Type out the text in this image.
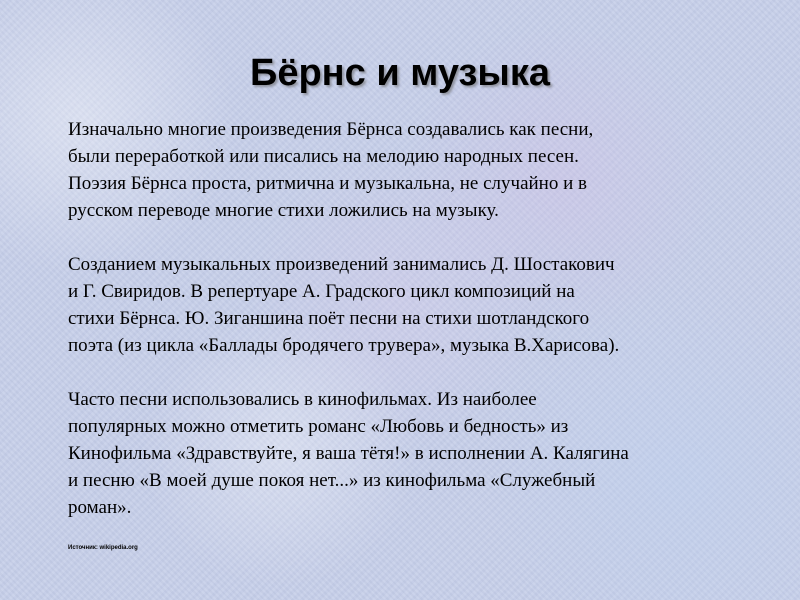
Бёрнс и музыка

Изначально многие произведения Бёрнса создавались как песни,
были переработкой или писались на мелодию народных песен.
Поэзия Бёрнса проста, ритмична и музыкальна, не случайно и в
русском переводе многие стихи ложились на музыку.

Созданием музыкальных произведений занимались Д. Шостакович
и Г. Свиридов. В репертуаре А. Градского цикл композиций на
стихи Бёрнса. Ю. Зиганшина поёт песни на стихи шотландского
поэта (из цикла «Баллады бродячего трувера», музыка В.Харисова).

Часто песни использовались в кинофильмах. Из наиболее
популярных можно отметить романс «Любовь и бедность» из
Кинофильма «Здравствуйте, я ваша тётя!» в исполнении А. Калягина
и песню «В моей душе покоя нет...» из кинофильма «Служебный
роман».

Источник: wikipedia.org
